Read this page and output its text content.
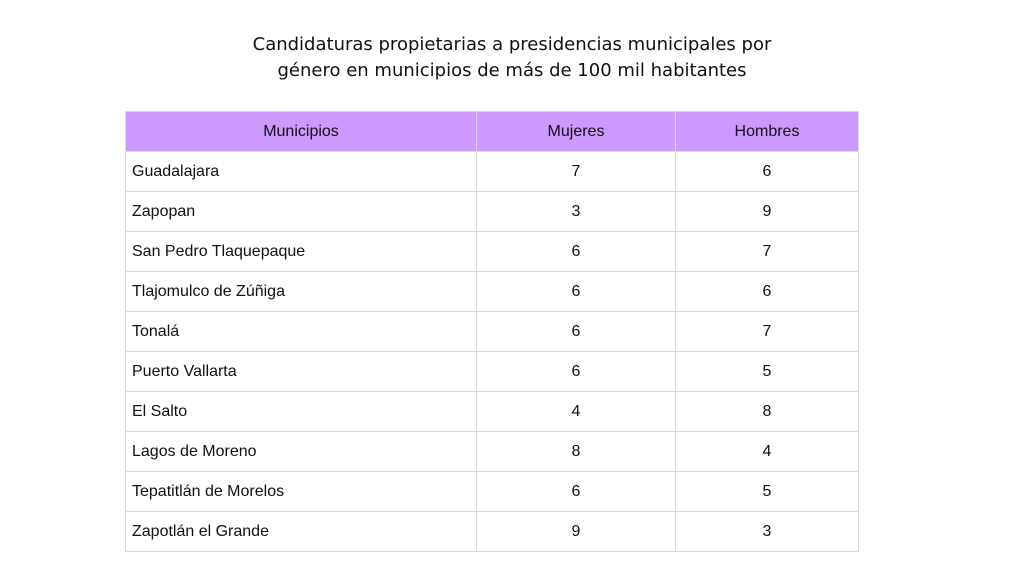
Candidaturas propietarias a presidencias municipales por
género en municipios de más de 100 mil habitantes
Municipios	Mujeres	Hombres
Guadalajara	7	6
Zapopan	3	9
San Pedro Tlaquepaque	6	7
Tlajomulco de Zúñiga	6	6
Tonalá	6	7
Puerto Vallarta	6	5
El Salto	4	8
Lagos de Moreno	8	4
Tepatitlán de Morelos	6	5
Zapotlán el Grande	9	3
